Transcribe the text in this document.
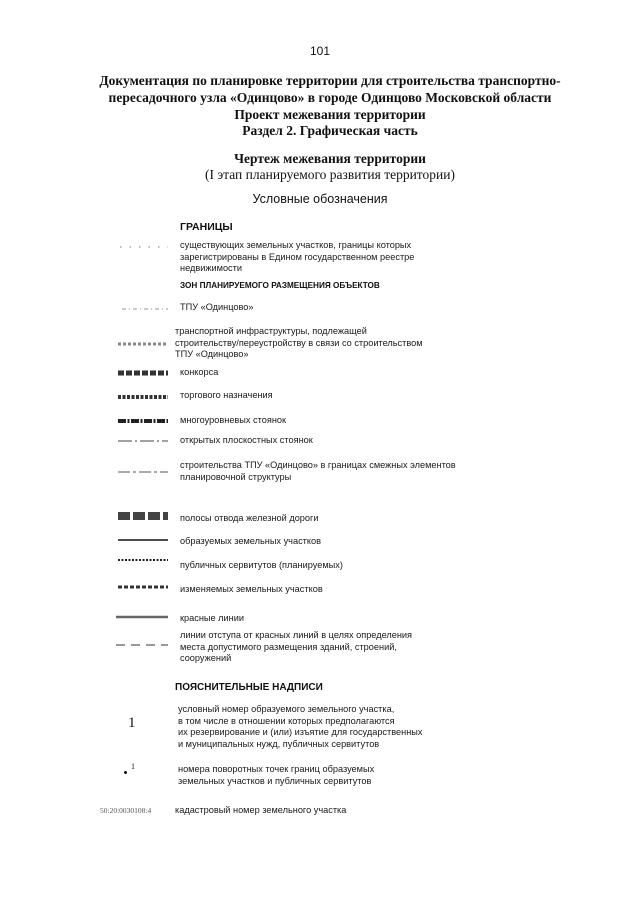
101
Документация по планировке территории для строительства транспортно-
пересадочного узла «Одинцово» в городе Одинцово Московской области
Проект межевания территории
Раздел 2. Графическая часть
Чертеж межевания территории
(I этап планируемого развития территории)
Условные обозначения
ГРАНИЦЫ
существующих земельных участков, границы которых
зарегистрированы в Едином государственном реестре
недвижимости
ЗОН ПЛАНИРУЕМОГО РАЗМЕЩЕНИЯ ОБЪЕКТОВ
ТПУ «Одинцово»
транспортной инфраструктуры, подлежащей
строительству/переустройству в связи со строительством
ТПУ «Одинцово»
конкорса
торгового назначения
многоуровневых стоянок
открытых плоскостных стоянок
строительства ТПУ «Одинцово» в границах смежных элементов
планировочной структуры
полосы отвода железной дороги
образуемых земельных участков
публичных сервитутов (планируемых)
изменяемых земельных участков
красные линии
линии отступа от красных линий в целях определения
места допустимого размещения зданий, строений,
сооружений
ПОЯСНИТЕЛЬНЫЕ НАДПИСИ
1
условный номер образуемого земельного участка,
в том числе в отношении которых предполагаются
их резервирование и (или) изъятие для государственных
и муниципальных нужд, публичных сервитутов
1	номера поворотных точек границ образуемых
земельных участков и публичных сервитутов
50:20:0030108:4	кадастровый номер земельного участка
